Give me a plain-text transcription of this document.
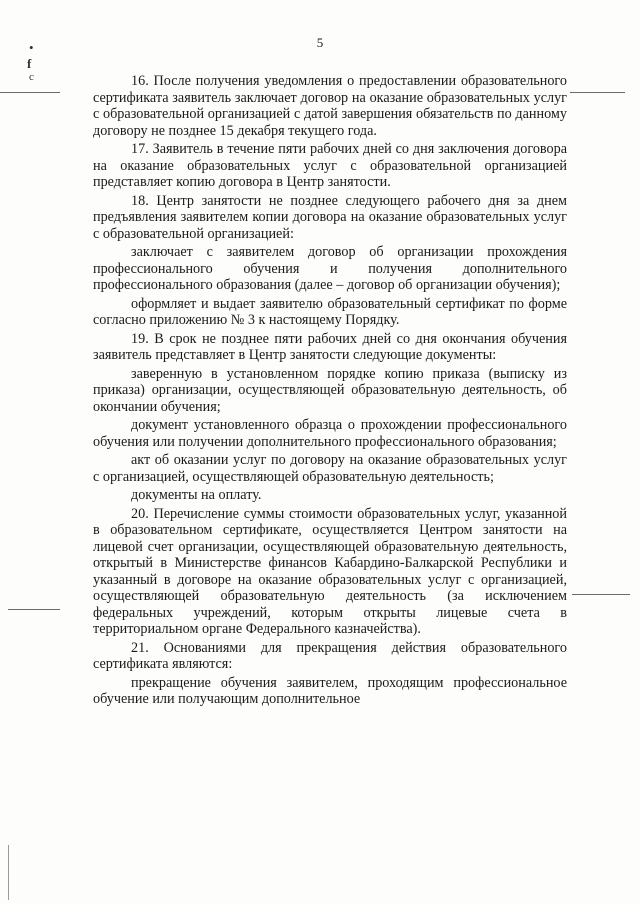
5
•
f
c	16. После получения уведомления о предоставлении образовательного сертификата заявитель заключает договор на оказание образовательных услуг с образовательной организацией с датой завершения обязательств по данному договору не позднее 15 декабря текущего года.

17. Заявитель в течение пяти рабочих дней со дня заключения договора на оказание образовательных услуг с образовательной организацией представляет копию договора в Центр занятости.

18. Центр занятости не позднее следующего рабочего дня за днем предъявления заявителем копии договора на оказание образовательных услуг с образовательной организацией:

заключает с заявителем договор об организации прохождения профессионального обучения и получения дополнительного профессионального образования (далее – договор об организации обучения);

оформляет и выдает заявителю образовательный сертификат по форме согласно приложению № 3 к настоящему Порядку.

19. В срок не позднее пяти рабочих дней со дня окончания обучения заявитель представляет в Центр занятости следующие документы:

заверенную в установленном порядке копию приказа (выписку из приказа) организации, осуществляющей образовательную деятельность, об окончании обучения;

документ установленного образца о прохождении профессионального обучения или получении дополнительного профессионального образования;

акт об оказании услуг по договору на оказание образовательных услуг с организацией, осуществляющей образовательную деятельность;

документы на оплату.

20. Перечисление суммы стоимости образовательных услуг, указанной в образовательном сертификате, осуществляется Центром занятости на лицевой счет организации, осуществляющей образовательную деятельность, открытый в Министерстве финансов Кабардино-Балкарской Республики и указанный в договоре на оказание образовательных услуг с организацией, осуществляющей образовательную деятельность (за исключением федеральных учреждений, которым открыты лицевые счета в территориальном органе Федерального казначейства).

21. Основаниями для прекращения действия образовательного сертификата являются:

прекращение обучения заявителем, проходящим профессиональное обучение или получающим дополнительное
